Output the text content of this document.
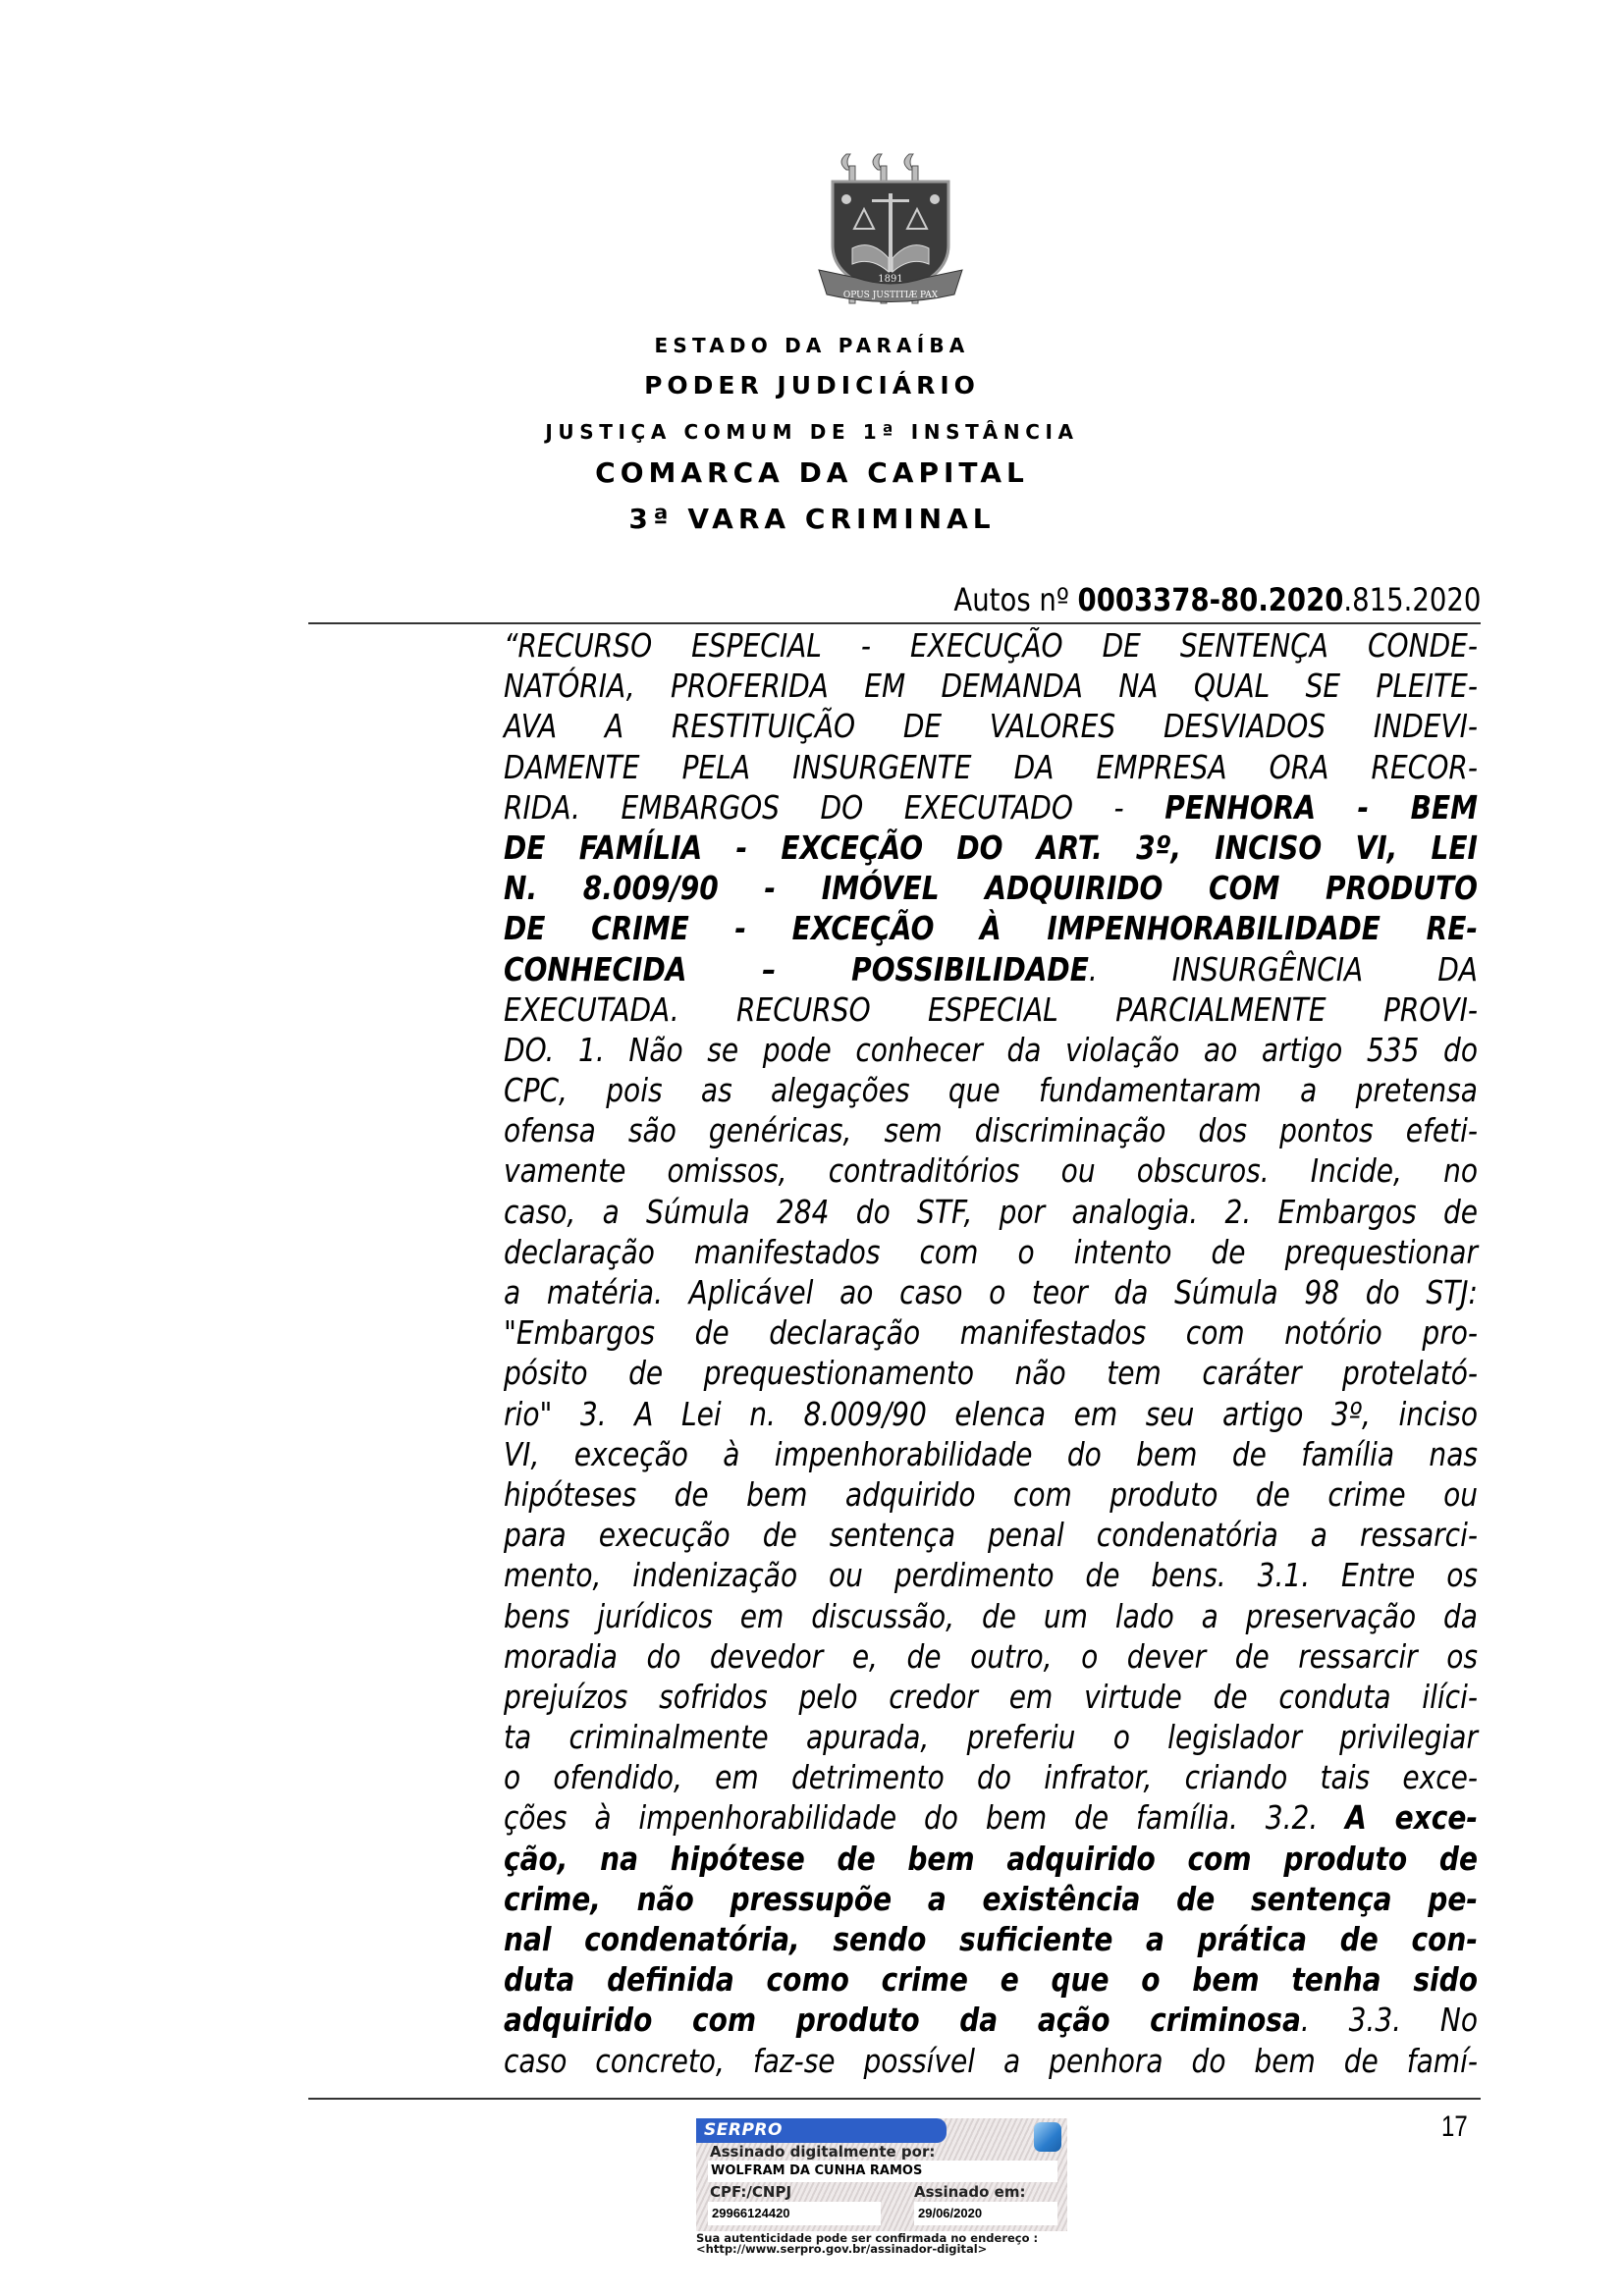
1891
OPUS JUSTITIÆ PAX
ESTADO DA PARAÍBA
PODER JUDICIÁRIO
JUSTIÇA COMUM DE 1ª INSTÂNCIA
COMARCA DA CAPITAL
3ª VARA CRIMINAL
Autos nº 0003378-80.2020.815.2020
“RECURSO ESPECIAL - EXECUÇÃO DE SENTENÇA CONDE-
NATÓRIA, PROFERIDA EM DEMANDA NA QUAL SE PLEITE-
AVA A RESTITUIÇÃO DE VALORES DESVIADOS INDEVI-
DAMENTE PELA INSURGENTE DA EMPRESA ORA RECOR-
RIDA. EMBARGOS DO EXECUTADO - PENHORA - BEM
DE FAMÍLIA - EXCEÇÃO DO ART. 3º, INCISO VI, LEI
N. 8.009/90 - IMÓVEL ADQUIRIDO COM PRODUTO
DE CRIME - EXCEÇÃO À IMPENHORABILIDADE RE-
CONHECIDA – POSSIBILIDADE. INSURGÊNCIA DA
EXECUTADA. RECURSO ESPECIAL PARCIALMENTE PROVI-
DO. 1. Não se pode conhecer da violação ao artigo 535 do
CPC, pois as alegações que fundamentaram a pretensa
ofensa são genéricas, sem discriminação dos pontos efeti-
vamente omissos, contraditórios ou obscuros. Incide, no
caso, a Súmula 284 do STF, por analogia. 2. Embargos de
declaração manifestados com o intento de prequestionar
a matéria. Aplicável ao caso o teor da Súmula 98 do STJ:
"Embargos de declaração manifestados com notório pro-
pósito de prequestionamento não tem caráter protelató-
rio" 3. A Lei n. 8.009/90 elenca em seu artigo 3º, inciso
VI, exceção à impenhorabilidade do bem de família nas
hipóteses de bem adquirido com produto de crime ou
para execução de sentença penal condenatória a ressarci-
mento, indenização ou perdimento de bens. 3.1. Entre os
bens jurídicos em discussão, de um lado a preservação da
moradia do devedor e, de outro, o dever de ressarcir os
prejuízos sofridos pelo credor em virtude de conduta ilíci-
ta criminalmente apurada, preferiu o legislador privilegiar
o ofendido, em detrimento do infrator, criando tais exce-
ções à impenhorabilidade do bem de família. 3.2. A exce-
ção, na hipótese de bem adquirido com produto de
crime, não pressupõe a existência de sentença pe-
nal condenatória, sendo suficiente a prática de con-
duta definida como crime e que o bem tenha sido
adquirido com produto da ação criminosa. 3.3. No
caso concreto, faz-se possível a penhora do bem de famí-
17
SERPRO
Assinado digitalmente por:
WOLFRAM DA CUNHA RAMOS
CPF:/CNPJ	Assinado em:
29966124420	29/06/2020
Sua autenticidade pode ser confirmada no endereço :
<http://www.serpro.gov.br/assinador-digital>
